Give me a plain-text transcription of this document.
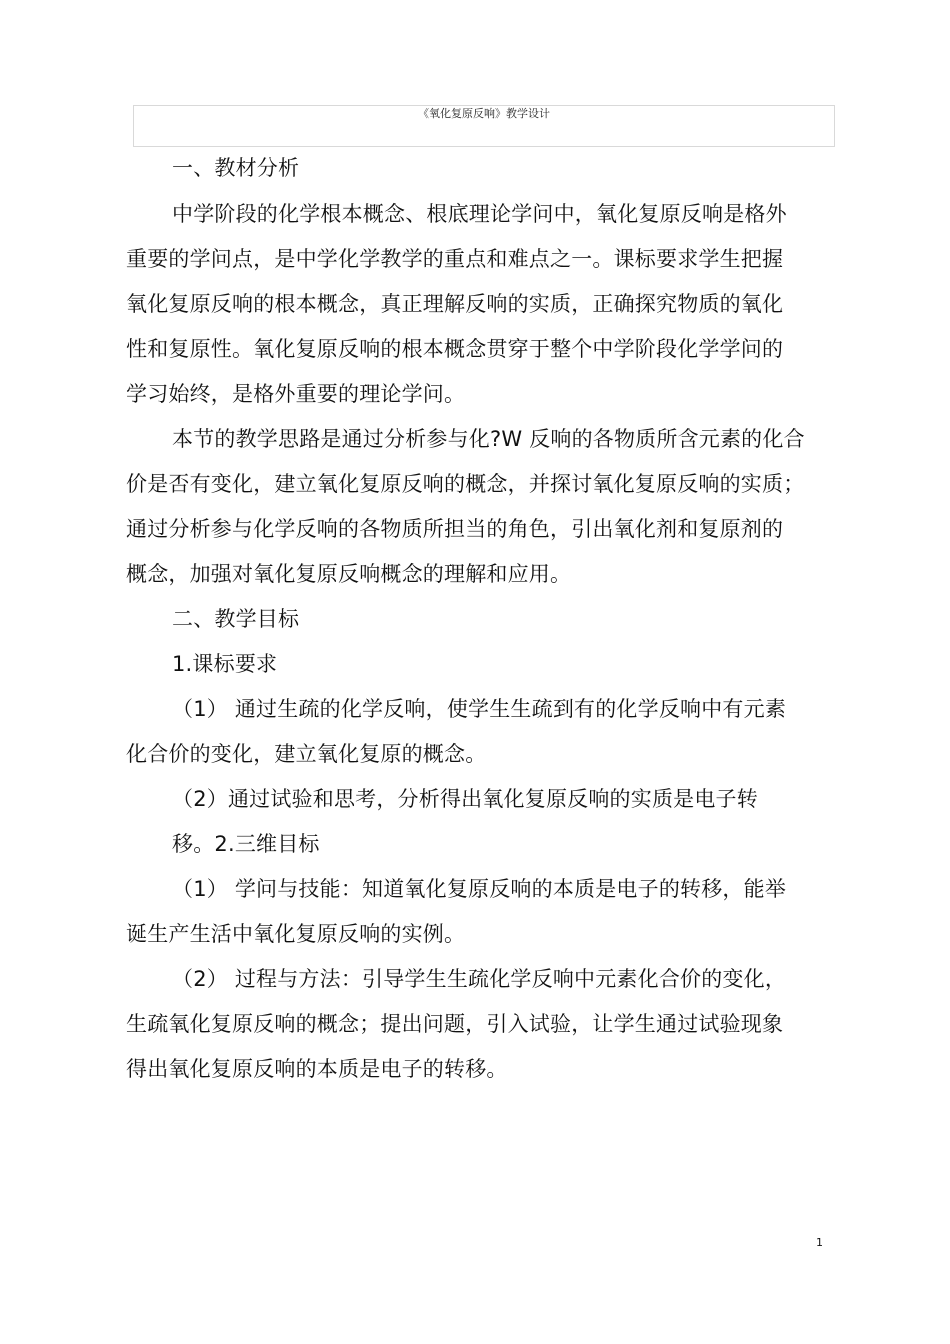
《氧化复原反响》教学设计
一、教材分析
中学阶段的化学根本概念、根底理论学问中，氧化复原反响是格外
重要的学问点，是中学化学教学的重点和难点之一。课标要求学生把握
氧化复原反响的根本概念，真正理解反响的实质，正确探究物质的氧化
性和复原性。氧化复原反响的根本概念贯穿于整个中学阶段化学学问的
学习始终，是格外重要的理论学问。
本节的教学思路是通过分析参与化?W 反响的各物质所含元素的化合
价是否有变化，建立氧化复原反响的概念，并探讨氧化复原反响的实质；
通过分析参与化学反响的各物质所担当的角色，引出氧化剂和复原剂的
概念，加强对氧化复原反响概念的理解和应用。
二、教学目标
1.课标要求
（1） 通过生疏的化学反响，使学生生疏到有的化学反响中有元素
化合价的变化，建立氧化复原的概念。
（2）通过试验和思考，分析得出氧化复原反响的实质是电子转
移。2.三维目标
（1） 学问与技能：知道氧化复原反响的本质是电子的转移，能举
诞生产生活中氧化复原反响的实例。
（2） 过程与方法：引导学生生疏化学反响中元素化合价的变化，
生疏氧化复原反响的概念；提出问题，引入试验，让学生通过试验现象
得出氧化复原反响的本质是电子的转移。
1
